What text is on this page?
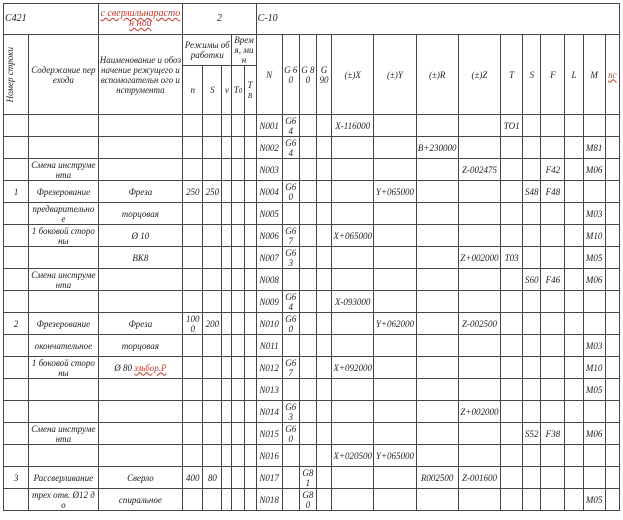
С421		с сверлильнарастон ной	2					С-10													

Номер строки	Содержание перехода	Наименование и обозначение режущего и вспомогательн ого инструмента	Режимы обработки			Время, мин		N	G 60	G 80	G 90	(±)X	(±)Y	(±)R	(±)Z	T	S	F	L	M	пс
			n	S	v	T0	TВ														
								N001	G64			X-116000				TO1					
								N002	G64					B+230000						M81	
	Смена инструмента							N003							Z-002475			F42		M06	
1	Фрезерование	Фреза	250	250				N004	G60				Y+065000				S48	F48			
	предварительно е	торцовая						N005												M03	
	1 боковой стороны	Ø 10						N006	G67			X+065000								M10	
		ВК8						N007	G63						Z+002000	T03				M05	
	Смена инструмента							N008									S60	F46		M06	
								N009	G64			X-093000									
2	Фрезерование	Фреза	1000	200				N010	G60				Y+062000		Z-002500						
	окончательное	торцовая						N011												M03	
	1 боковой стороны	Ø 80 ззьбор.Р						N012	G67			X+092000								M10	
								N013												M05	
								N014	G63						Z+002000						
	Смена инструмента							N015	G60								S52	F38		M06	
								N016				X+020500	Y+065000								
3	Рассверливание	Сверло	400	80				N017		G81				R002500	Z-001600						
	трех отв. Ø12 до	спиральное						N018		G80										M05	
